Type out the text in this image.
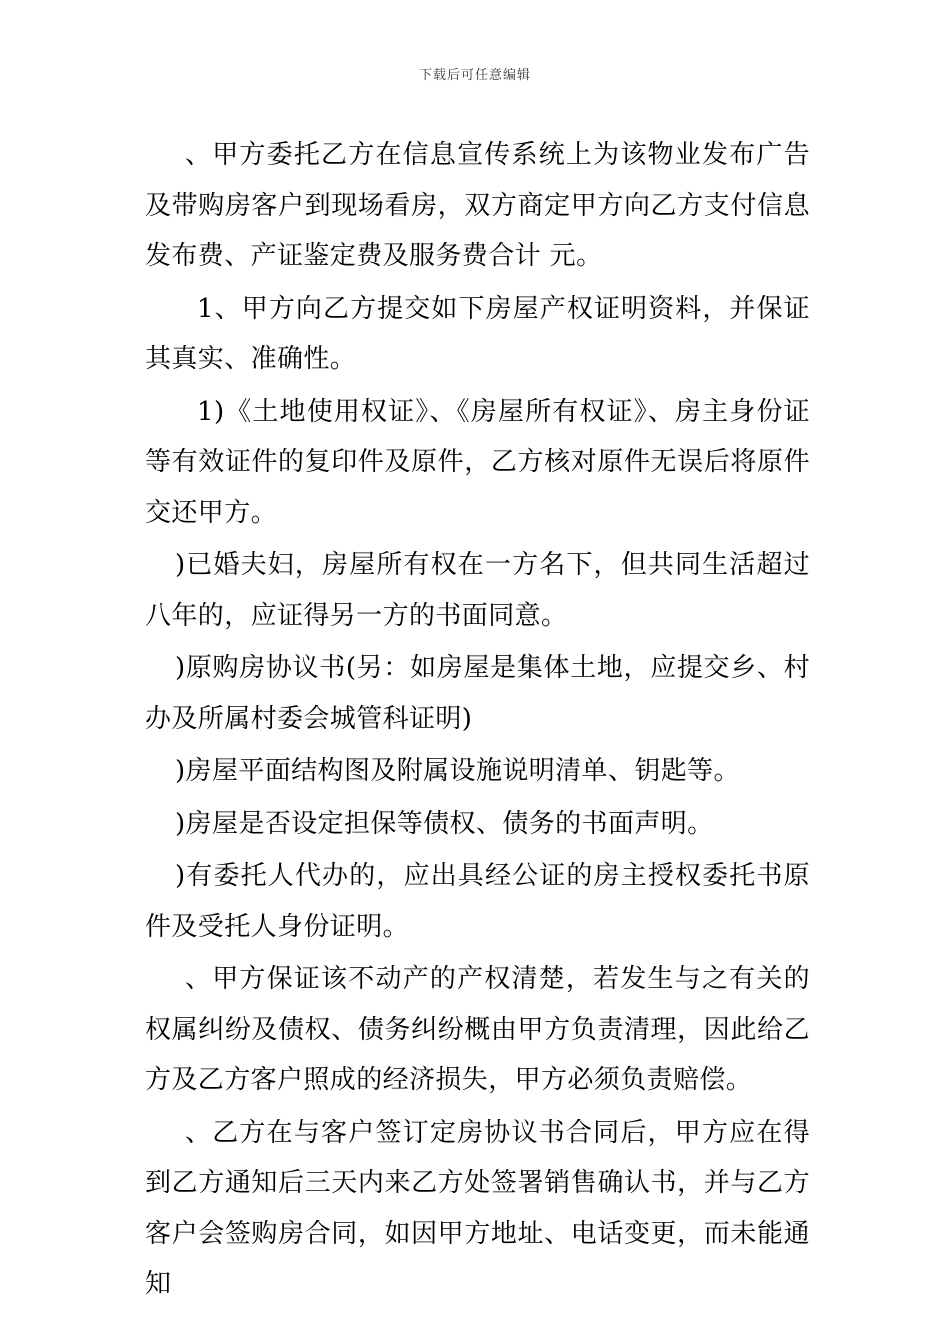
下载后可任意编辑

、甲方委托乙方在信息宣传系统上为该物业发布广告及带购房客户到现场看房，双方商定甲方向乙方支付信息发布费、产证鉴定费及服务费合计 元。

1、甲方向乙方提交如下房屋产权证明资料，并保证其真实、准确性。

1)《土地使用权证》、《房屋所有权证》、房主身份证等有效证件的复印件及原件，乙方核对原件无误后将原件交还甲方。

)已婚夫妇，房屋所有权在一方名下，但共同生活超过八年的，应证得另一方的书面同意。

)原购房协议书(另：如房屋是集体土地，应提交乡、村办及所属村委会城管科证明)

)房屋平面结构图及附属设施说明清单、钥匙等。

)房屋是否设定担保等债权、债务的书面声明。

)有委托人代办的，应出具经公证的房主授权委托书原件及受托人身份证明。

、甲方保证该不动产的产权清楚，若发生与之有关的权属纠纷及债权、债务纠纷概由甲方负责清理，因此给乙方及乙方客户照成的经济损失，甲方必须负责赔偿。

、乙方在与客户签订定房协议书合同后，甲方应在得到乙方通知后三天内来乙方处签署销售确认书，并与乙方客户会签购房合同，如因甲方地址、电话变更，而未能通知
